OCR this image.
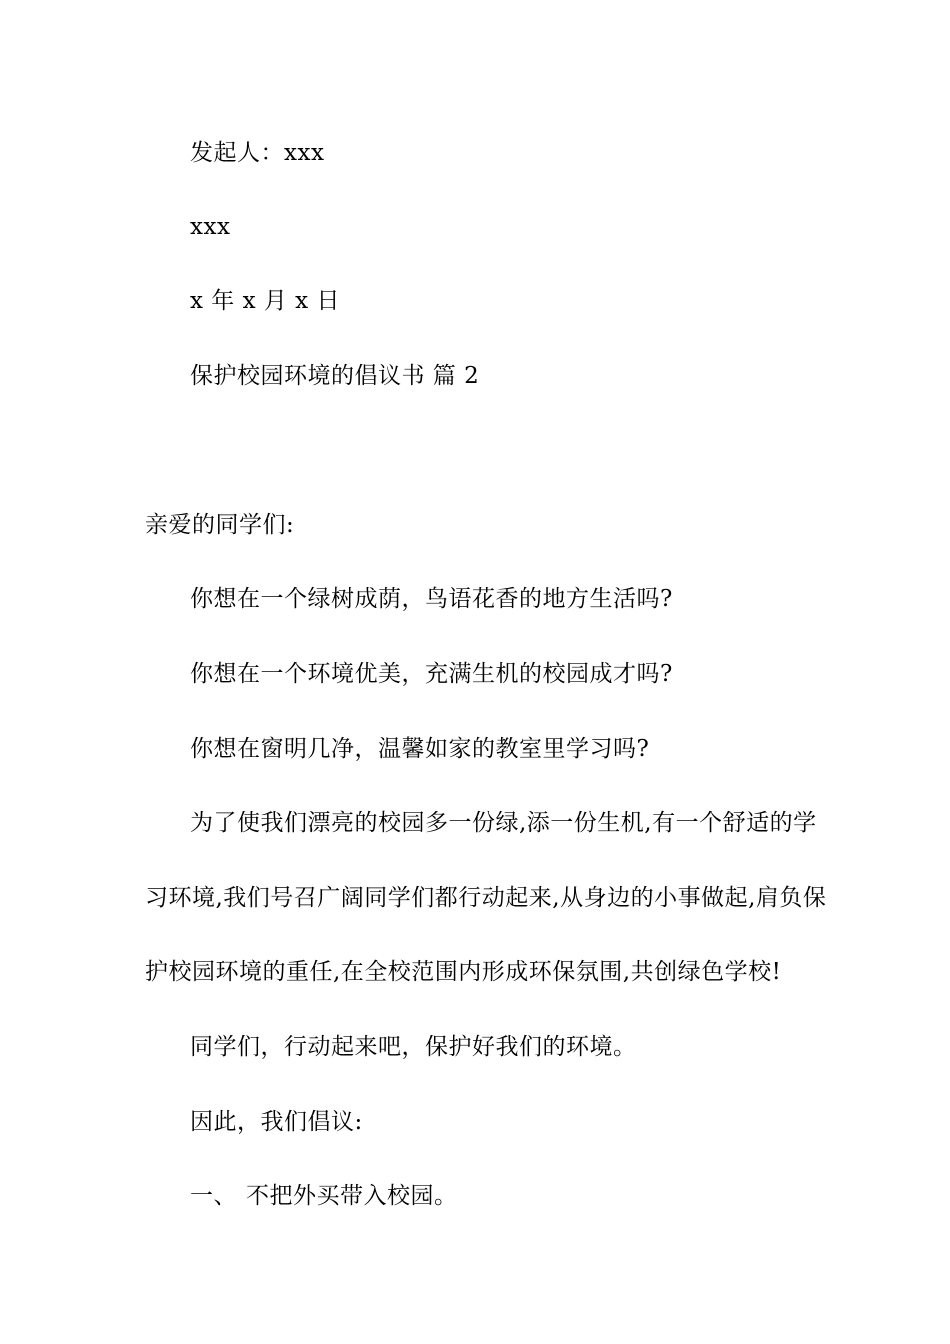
发起人：xxx
xxx
x 年 x 月 x 日
保护校园环境的倡议书 篇 2
亲爱的同学们:
你想在一个绿树成荫，鸟语花香的地方生活吗?
你想在一个环境优美，充满生机的校园成才吗?
你想在窗明几净，温馨如家的教室里学习吗?
为了使我们漂亮的校园多一份绿,添一份生机,有一个舒适的学
习环境,我们号召广阔同学们都行动起来,从身边的小事做起,肩负保
护校园环境的重任,在全校范围内形成环保氛围,共创绿色学校!
同学们，行动起来吧，保护好我们的环境。
因此，我们倡议:
一、 不把外买带入校园。
